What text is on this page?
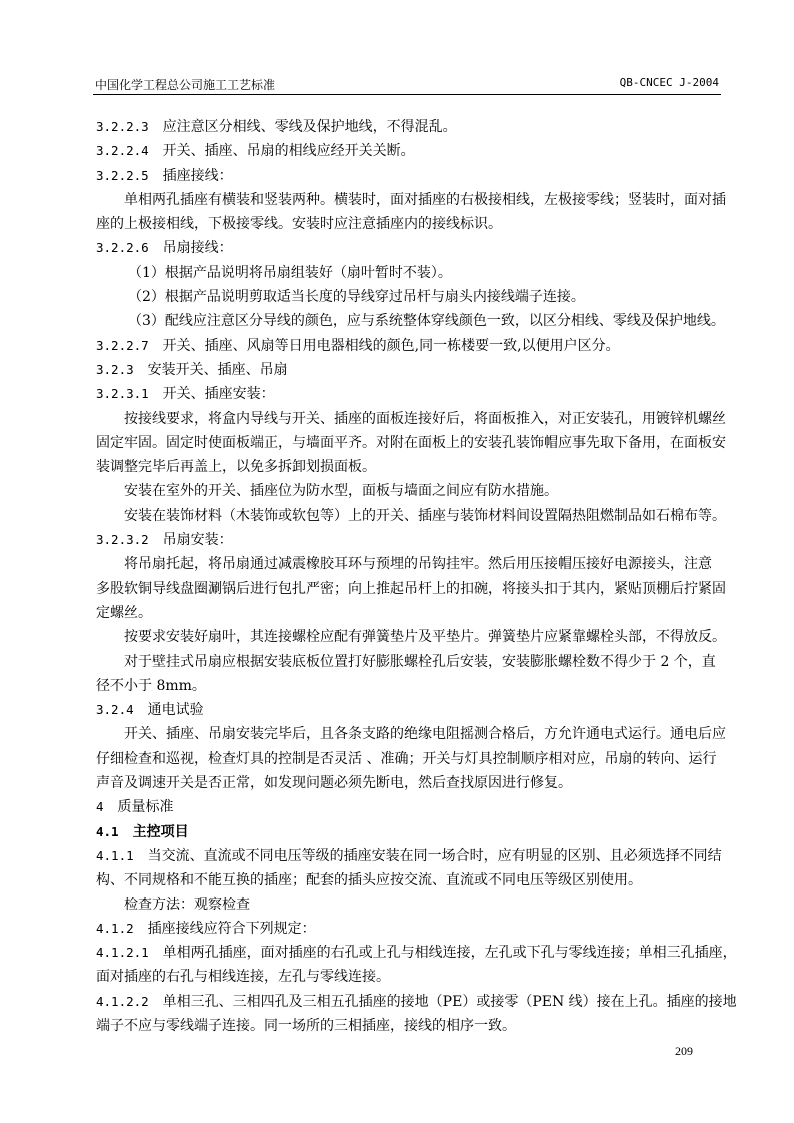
中国化学工程总公司施工工艺标准	QB-CNCEC J-2004
3.2.2.3　应注意区分相线、零线及保护地线，不得混乱。
3.2.2.4　开关、插座、吊扇的相线应经开关关断。
3.2.2.5　插座接线：
单相两孔插座有横装和竖装两种。横装时，面对插座的右极接相线，左极接零线；竖装时，面对插
座的上极接相线，下极接零线。安装时应注意插座内的接线标识。
3.2.2.6　吊扇接线：
（1）根据产品说明将吊扇组装好（扇叶暂时不装）。
（2）根据产品说明剪取适当长度的导线穿过吊杆与扇头内接线端子连接。
（3）配线应注意区分导线的颜色，应与系统整体穿线颜色一致，以区分相线、零线及保护地线。
3.2.2.7　开关、插座、风扇等日用电器相线的颜色,同一栋楼要一致,以便用户区分。
3.2.3　安装开关、插座、吊扇
3.2.3.1　开关、插座安装：
按接线要求，将盒内导线与开关、插座的面板连接好后，将面板推入，对正安装孔，用镀锌机螺丝
固定牢固。固定时使面板端正，与墙面平齐。对附在面板上的安装孔装饰帽应事先取下备用，在面板安
装调整完毕后再盖上，以免多拆卸划损面板。
安装在室外的开关、插座位为防水型，面板与墙面之间应有防水措施。
安装在装饰材料（木装饰或软包等）上的开关、插座与装饰材料间设置隔热阻燃制品如石棉布等。
3.2.3.2　吊扇安装：
将吊扇托起，将吊扇通过减震橡胶耳环与预埋的吊钩挂牢。然后用压接帽压接好电源接头，注意
多股软铜导线盘圈涮锅后进行包扎严密；向上推起吊杆上的扣碗，将接头扣于其内，紧贴顶棚后拧紧固
定螺丝。
按要求安装好扇叶，其连接螺栓应配有弹簧垫片及平垫片。弹簧垫片应紧靠螺栓头部，不得放反。
对于壁挂式吊扇应根据安装底板位置打好膨胀螺栓孔后安装，安装膨胀螺栓数不得少于 2 个，直
径不小于 8mm。
3.2.4　通电试验
开关、插座、吊扇安装完毕后，且各条支路的绝缘电阻摇测合格后，方允许通电式运行。通电后应
仔细检查和巡视，检查灯具的控制是否灵活 、准确；开关与灯具控制顺序相对应，吊扇的转向、运行
声音及调速开关是否正常，如发现问题必须先断电，然后查找原因进行修复。
4　质量标准
4.1　主控项目
4.1.1　当交流、直流或不同电压等级的插座安装在同一场合时，应有明显的区别、且必须选择不同结
构、不同规格和不能互换的插座；配套的插头应按交流、直流或不同电压等级区别使用。
检查方法：观察检查
4.1.2　插座接线应符合下列规定：
4.1.2.1　单相两孔插座，面对插座的右孔或上孔与相线连接，左孔或下孔与零线连接；单相三孔插座，
面对插座的右孔与相线连接，左孔与零线连接。
4.1.2.2　单相三孔、三相四孔及三相五孔插座的接地（PE）或接零（PEN 线）接在上孔。插座的接地
端子不应与零线端子连接。同一场所的三相插座，接线的相序一致。
209
